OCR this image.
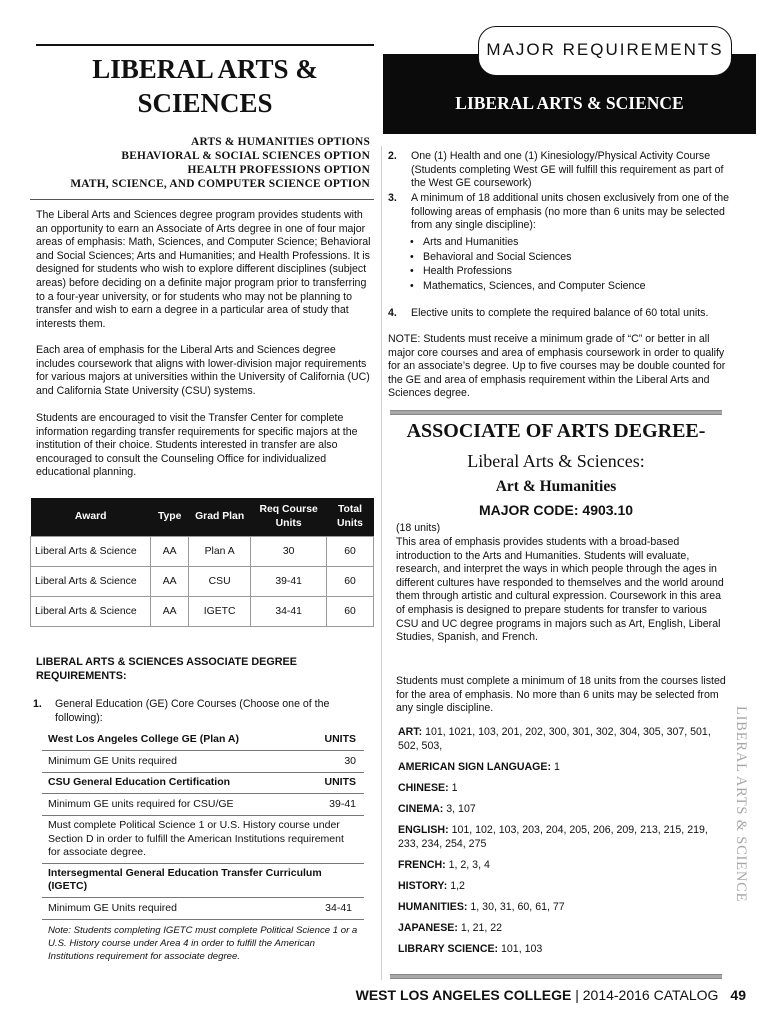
LIBERAL ARTS &
SCIENCES
ARTS & HUMANITIES OPTIONS
BEHAVIORAL & SOCIAL SCIENCES OPTION
HEALTH PROFESSIONS OPTION
MATH, SCIENCE, AND COMPUTER SCIENCE OPTION

The Liberal Arts and Sciences degree program provides students with an opportunity to earn an Associate of Arts degree in one of four major areas of emphasis: Math, Sciences, and Computer Science; Behavioral and Social Sciences; Arts and Humanities; and Health Professions. It is designed for students who wish to explore different disciplines (subject areas) before deciding on a definite major program prior to transferring to a four-year university, or for students who may not be planning to transfer and wish to earn a degree in a particular area of study that interests them.

Each area of emphasis for the Liberal Arts and Sciences degree includes coursework that aligns with lower-division major requirements for various majors at universities within the University of California (UC) and California State University (CSU) systems.

Students are encouraged to visit the Transfer Center for complete information regarding transfer requirements for specific majors at the institution of their choice. Students interested in transfer are also encouraged to consult the Counseling Office for individualized educational planning.

Award	Type	Grad Plan	Req Course Units	Total Units
Liberal Arts & Science	AA	Plan A	30	60
Liberal Arts & Science	AA	CSU	39-41	60
Liberal Arts & Science	AA	IGETC	34-41	60
LIBERAL ARTS & SCIENCES ASSOCIATE DEGREE REQUIREMENTS:
1. General Education (GE) Core Courses (Choose one of the following):
West Los Angeles College GE (Plan A)	UNITS
Minimum GE Units required	30
CSU General Education Certification	UNITS
Minimum GE units required for CSU/GE	39-41
Must complete Political Science 1 or U.S. History course under Section D in order to fulfill the American Institutions requirement for associate degree.
Intersegmental General Education Transfer Curriculum (IGETC)
Minimum GE Units required	34-41
Note: Students completing IGETC must complete Political Science 1 or a U.S. History course under Area 4 in order to fulfill the American Institutions requirement for associate degree.
MAJOR REQUIREMENTS
LIBERAL ARTS & SCIENCE
2. One (1) Health and one (1) Kinesiology/Physical Activity Course (Students completing West GE will fulfill this requirement as part of the West GE coursework)
3. A minimum of 18 additional units chosen exclusively from one of the following areas of emphasis (no more than 6 units may be selected from any single discipline):
• Arts and Humanities
• Behavioral and Social Sciences
• Health Professions
• Mathematics, Sciences, and Computer Science
4. Elective units to complete the required balance of 60 total units.
NOTE: Students must receive a minimum grade of “C” or better in all major core courses and area of emphasis coursework in order to qualify for an associate’s degree. Up to five courses may be double counted for the GE and area of emphasis requirement within the Liberal Arts and Sciences degree.
ASSOCIATE OF ARTS DEGREE-
Liberal Arts & Sciences:
Art & Humanities
MAJOR CODE: 4903.10
(18 units)

This area of emphasis provides students with a broad-based introduction to the Arts and Humanities. Students will evaluate, research, and interpret the ways in which people through the ages in different cultures have responded to themselves and the world around them through artistic and cultural expression. Coursework in this area of emphasis is designed to prepare students for transfer to various CSU and UC degree programs in majors such as Art, English, Liberal Studies, Spanish, and French.

Students must complete a minimum of 18 units from the courses listed for the area of emphasis. No more than 6 units may be selected from any single discipline.

ART: 101, 1021, 103, 201, 202, 300, 301, 302, 304, 305, 307, 501, 502, 503,
AMERICAN SIGN LANGUAGE: 1
CHINESE: 1
CINEMA: 3, 107
ENGLISH: 101, 102, 103, 203, 204, 205, 206, 209, 213, 215, 219, 233, 234, 254, 275
FRENCH: 1, 2, 3, 4
HISTORY: 1,2
HUMANITIES: 1, 30, 31, 60, 61, 77
JAPANESE: 1, 21, 22
LIBRARY SCIENCE: 101, 103
LIBERAL ARTS & SCIENCE
WEST LOS ANGELES COLLEGE | 2014-2016 CATALOG 49
